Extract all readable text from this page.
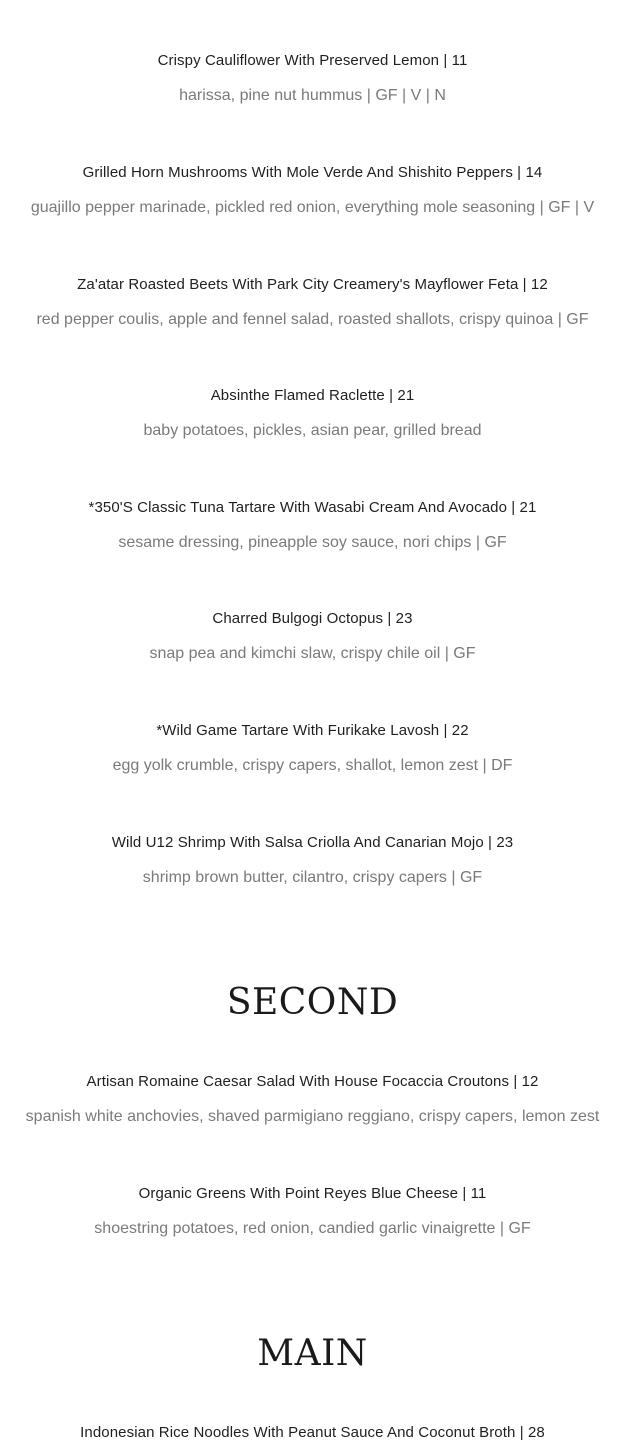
Crispy Cauliflower With Preserved Lemon | 11
harissa, pine nut hummus | GF | V | N
Grilled Horn Mushrooms With Mole Verde And Shishito Peppers | 14
guajillo pepper marinade, pickled red onion, everything mole seasoning | GF | V
Za'atar Roasted Beets With Park City Creamery's Mayflower Feta | 12
red pepper coulis, apple and fennel salad, roasted shallots, crispy quinoa | GF
Absinthe Flamed Raclette | 21
baby potatoes, pickles, asian pear, grilled bread
*350'S Classic Tuna Tartare With Wasabi Cream And Avocado | 21
sesame dressing, pineapple soy sauce, nori chips | GF
Charred Bulgogi Octopus | 23
snap pea and kimchi slaw, crispy chile oil | GF
*Wild Game Tartare With Furikake Lavosh | 22
egg yolk crumble, crispy capers, shallot, lemon zest | DF
Wild U12 Shrimp With Salsa Criolla And Canarian Mojo | 23
shrimp brown butter, cilantro, crispy capers | GF
SECOND
Artisan Romaine Caesar Salad With House Focaccia Croutons | 12
spanish white anchovies, shaved parmigiano reggiano, crispy capers, lemon zest
Organic Greens With Point Reyes Blue Cheese | 11
shoestring potatoes, red onion, candied garlic vinaigrette | GF
MAIN
Indonesian Rice Noodles With Peanut Sauce And Coconut Broth | 28
